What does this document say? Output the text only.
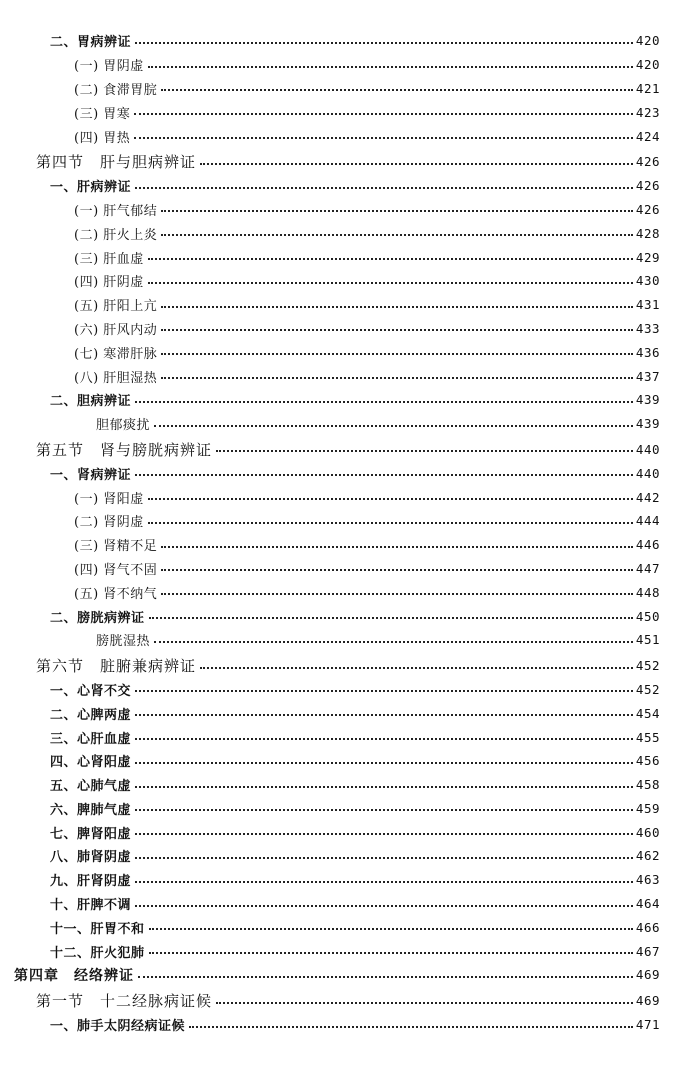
二、胃病辨证	420
(一) 胃阴虚	420
(二) 食滞胃脘	421
(三) 胃寒	423
(四) 胃热	424
第四节　肝与胆病辨证	426
一、肝病辨证	426
(一) 肝气郁结	426
(二) 肝火上炎	428
(三) 肝血虚	429
(四) 肝阴虚	430
(五) 肝阳上亢	431
(六) 肝风内动	433
(七) 寒滞肝脉	436
(八) 肝胆湿热	437
二、胆病辨证	439
胆郁痰扰	439
第五节　肾与膀胱病辨证	440
一、肾病辨证	440
(一) 肾阳虚	442
(二) 肾阴虚	444
(三) 肾精不足	446
(四) 肾气不固	447
(五) 肾不纳气	448
二、膀胱病辨证	450
膀胱湿热	451
第六节　脏腑兼病辨证	452
一、心肾不交	452
二、心脾两虚	454
三、心肝血虚	455
四、心肾阳虚	456
五、心肺气虚	458
六、脾肺气虚	459
七、脾肾阳虚	460
八、肺肾阴虚	462
九、肝肾阴虚	463
十、肝脾不调	464
十一、肝胃不和	466
十二、肝火犯肺	467
第四章　经络辨证	469
第一节　十二经脉病证候	469
一、肺手太阴经病证候	471
